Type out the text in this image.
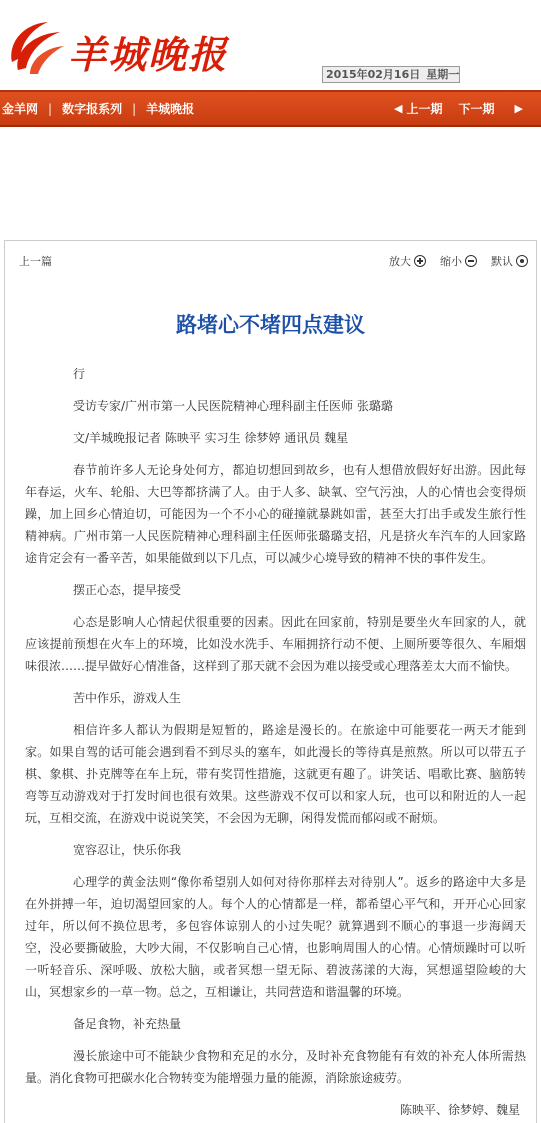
羊城晚报	2015年02月16日 星期一
金羊网 | 数字报系列 | 羊城晚报	◀ 上一期 下一期 ▶
上一篇	放大	缩小	默认
路堵心不堵四点建议

行

受访专家/广州市第一人民医院精神心理科副主任医师 张璐璐

文/羊城晚报记者 陈映平 实习生 徐梦婷 通讯员 魏星

春节前许多人无论身处何方，都迫切想回到故乡，也有人想借放假好好出游。因此每年春运，火车、轮船、大巴等都挤满了人。由于人多、缺氧、空气污浊，人的心情也会变得烦躁，加上回乡心情迫切，可能因为一个不小心的碰撞就暴跳如雷，甚至大打出手或发生旅行性精神病。广州市第一人民医院精神心理科副主任医师张璐璐支招，凡是挤火车汽车的人回家路途肯定会有一番辛苦，如果能做到以下几点，可以减少心境导致的精神不快的事件发生。

摆正心态，提早接受

心态是影响人心情起伏很重要的因素。因此在回家前，特别是要坐火车回家的人，就应该提前预想在火车上的环境，比如没水洗手、车厢拥挤行动不便、上厕所要等很久、车厢烟味很浓……提早做好心情准备，这样到了那天就不会因为难以接受或心理落差太大而不愉快。

苦中作乐，游戏人生

相信许多人都认为假期是短暂的，路途是漫长的。在旅途中可能要花一两天才能到家。如果自驾的话可能会遇到看不到尽头的塞车，如此漫长的等待真是煎熬。所以可以带五子棋、象棋、扑克牌等在车上玩，带有奖罚性措施，这就更有趣了。讲笑话、唱歌比赛、脑筋转弯等互动游戏对于打发时间也很有效果。这些游戏不仅可以和家人玩，也可以和附近的人一起玩，互相交流，在游戏中说说笑笑，不会因为无聊，闲得发慌而郁闷或不耐烦。

宽容忍让，快乐你我

心理学的黄金法则“像你希望别人如何对待你那样去对待别人”。返乡的路途中大多是在外拼搏一年，迫切渴望回家的人。每个人的心情都是一样，都希望心平气和，开开心心回家过年，所以何不换位思考，多包容体谅别人的小过失呢？就算遇到不顺心的事退一步海阔天空，没必要撕破脸，大吵大闹，不仅影响自己心情，也影响周围人的心情。心情烦躁时可以听一听轻音乐、深呼吸、放松大脑，或者冥想一望无际、碧波荡漾的大海，冥想遥望险峻的大山，冥想家乡的一草一物。总之，互相谦让，共同营造和谐温馨的环境。

备足食物，补充热量

漫长旅途中可不能缺少食物和充足的水分，及时补充食物能有有效的补充人体所需热量。消化食物可把碳水化合物转变为能增强力量的能源，消除旅途疲劳。

陈映平、徐梦婷、魏星
